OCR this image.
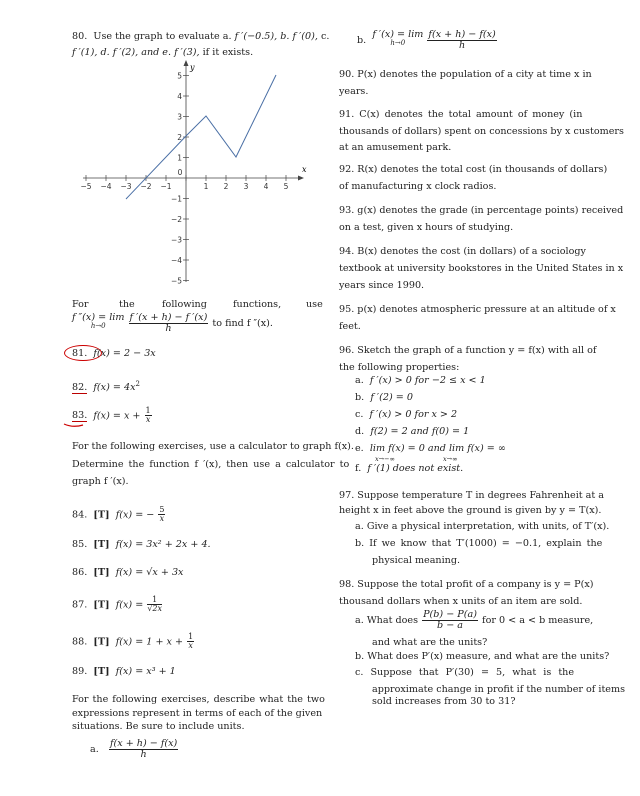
80. Use the graph to evaluate a. f ′(−0.5), b. f ′(0), c.
f ′(1), d. f ′(2), and e. f ′(3), if it exists.
−5 −4 −3 −2 −1
0
1 2 3 4 5
5
4
3
2
1
−1
−2
−3
−4
−5
x
y
For	the	following	functions,	use
f ″(x) = lim
h→0
	$\frac{f '(x + h) - f '(x)}{h}$ to find f ″(x).
81. f(x) = 2 − 3x
82. $f(x) = 4x^2$
83. $f(x) = x + \frac{1}{x}$
For the following exercises, use a calculator to graph f(x).
Determine the function f ′(x), then use a calculator to
graph f ′(x).
84. [T] f(x) = − $\frac{5}{x}$
85. [T] f(x) = 3x² + 2x + 4.
86. [T] f(x) = √x + 3x
87. [T] $f(x) = \frac{1}{√2x}$
88. [T] $f(x) = 1 + x + \frac{1}{x}$
89. [T] f(x) = x³ + 1
For the following exercises, describe what the two
expressions represent in terms of each of the given
situations. Be sure to include units.
a. $\frac{f(x + h) - f(x)}{h}$
b.  f ′(x) = lim
h→0
	$\frac{f(x + h) - f(x)}{h}$
90. P(x) denotes the population of a city at time x in
years.
91. C(x) denotes the total amount of money (in
thousands of dollars) spent on concessions by x customers
at an amusement park.
92. R(x) denotes the total cost (in thousands of dollars)
of manufacturing x clock radios.
93. g(x) denotes the grade (in percentage points) received
on a test, given x hours of studying.
94. B(x) denotes the cost (in dollars) of a sociology
textbook at university bookstores in the United States in x
years since 1990.
95. p(x) denotes atmospheric pressure at an altitude of x
feet.
96. Sketch the graph of a function y = f(x) with all of
the following properties:
a. f ′(x) > 0 for −2 ≤ x < 1
b. f ′(2) = 0
c. f ′(x) > 0 for x > 2
d. f(2) = 2 and f(0) = 1
e. lim f(x) = 0 and lim f(x) = ∞
x→−∞	x→∞
f. f ′(1) does not exist.
97. Suppose temperature T in degrees Fahrenheit at a
height x in feet above the ground is given by y = T(x).
a. Give a physical interpretation, with units, of T′(x).
b. If we know that T′(1000) = −0.1, explain the
physical meaning.
98. Suppose the total profit of a company is y = P(x)
thousand dollars when x units of an item are sold.
a. What does $\frac{P(b) - P(a)}{b - a}$ for 0 < a < b measure,
and what are the units?
b. What does P′(x) measure, and what are the units?
c. Suppose that P′(30) = 5, what is the
approximate change in profit if the number of items
sold increases from 30 to 31?
